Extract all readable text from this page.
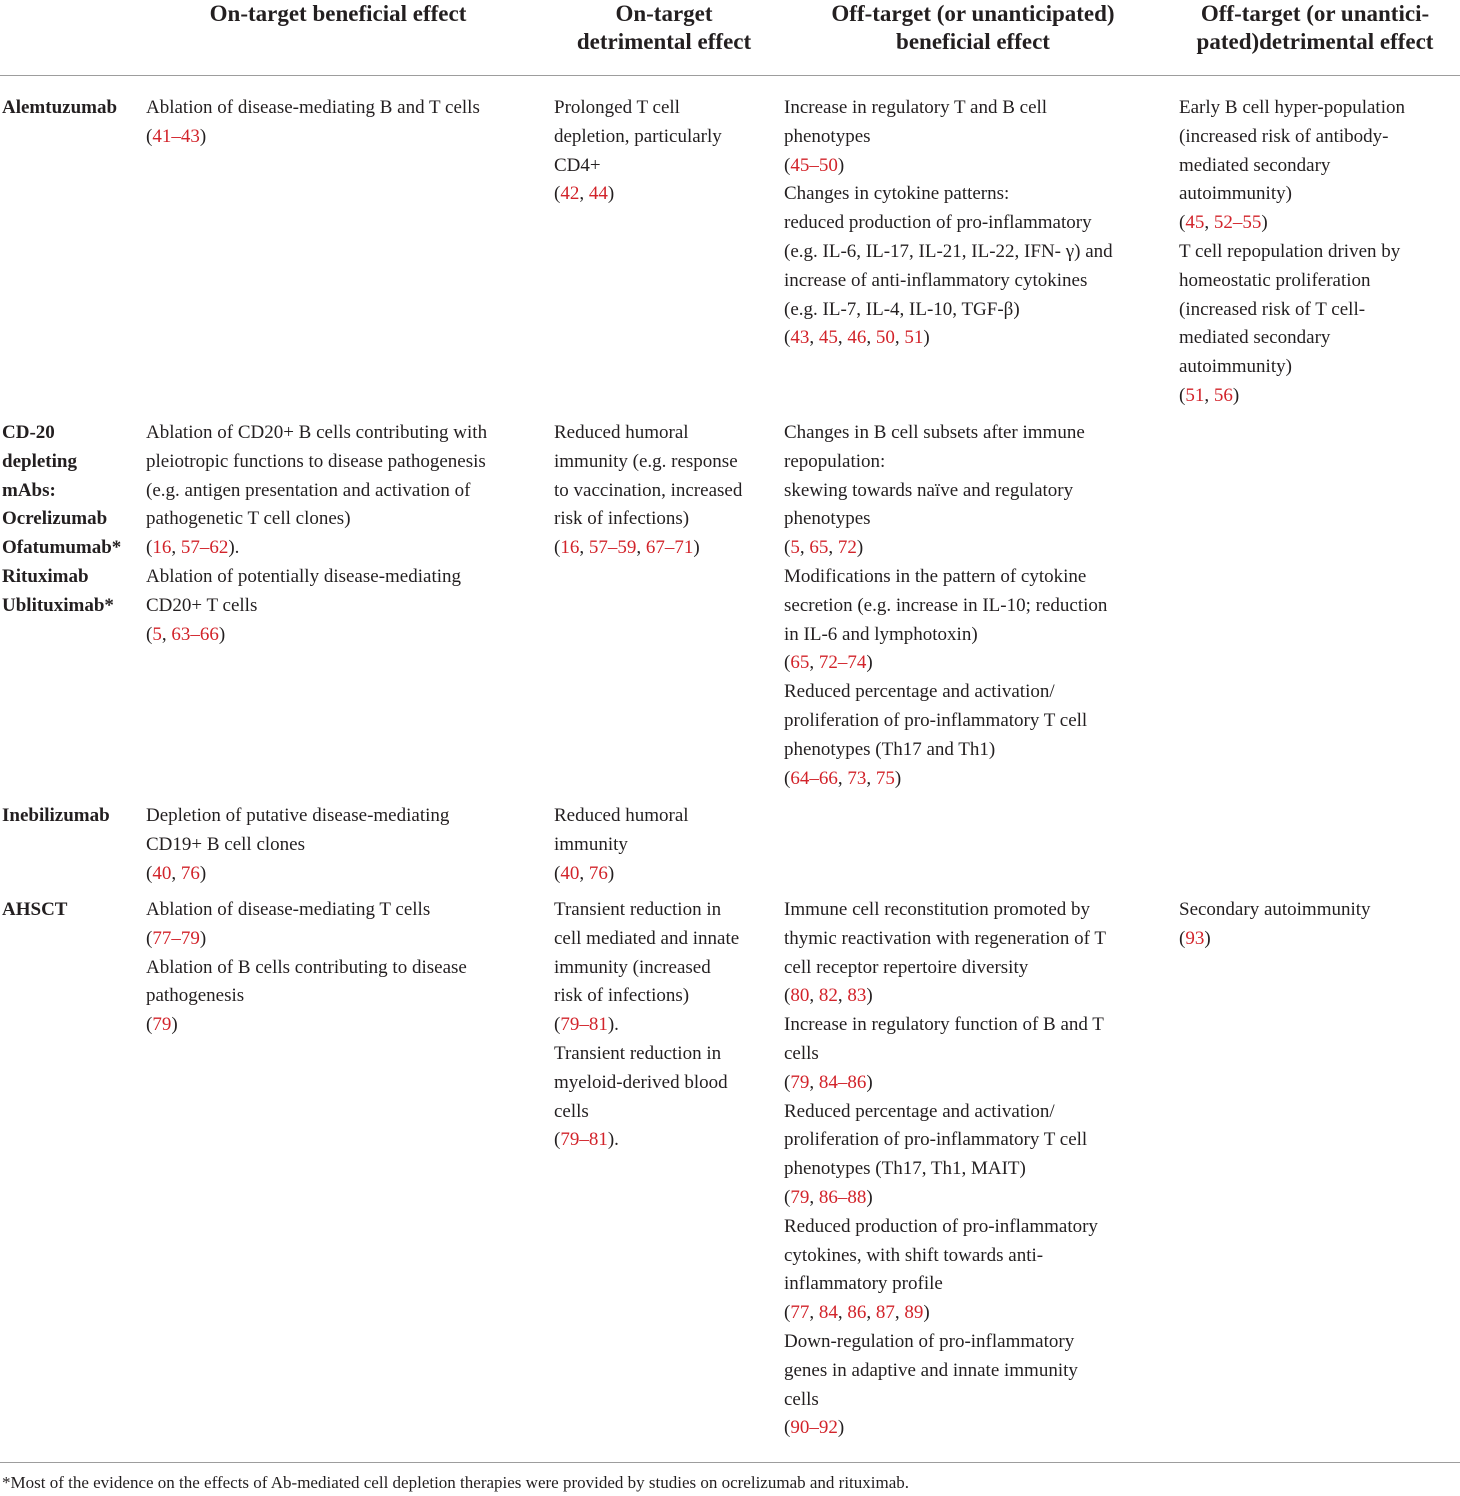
On-target beneficial effect	On-target
detrimental effect
Off-target (or unanticipated)
beneficial effect
Off-target (or unantici-
pated)detrimental effect
Alemtuzumab Ablation of disease-mediating B and T cells
(41–43)
Prolonged T cell
depletion, particularly
CD4+
(42, 44)
Increase in regulatory T and B cell
phenotypes
(45–50)
Changes in cytokine patterns:
reduced production of pro-inflammatory
(e.g. IL-6, IL-17, IL-21, IL-22, IFN- γ) and
increase of anti-inflammatory cytokines
(e.g. IL-7, IL-4, IL-10, TGF-β)
(43, 45, 46, 50, 51)
Early B cell hyper-population
(increased risk of antibody-
mediated secondary
autoimmunity)
(45, 52–55)
T cell repopulation driven by
homeostatic proliferation
(increased risk of T cell-
mediated secondary
autoimmunity)
(51, 56)
CD-20
depleting
mAbs:
Ocrelizumab
Ofatumumab*
Rituximab
Ublituximab*
Ablation of CD20+ B cells contributing with
pleiotropic functions to disease pathogenesis
(e.g. antigen presentation and activation of
pathogenetic T cell clones)
(16, 57–62).
Ablation of potentially disease-mediating
CD20+ T cells
(5, 63–66)
Reduced humoral
immunity (e.g. response
to vaccination, increased
risk of infections)
(16, 57–59, 67–71)
Changes in B cell subsets after immune
repopulation:
skewing towards naïve and regulatory
phenotypes
(5, 65, 72)
Modifications in the pattern of cytokine
secretion (e.g. increase in IL-10; reduction
in IL-6 and lymphotoxin)
(65, 72–74)
Reduced percentage and activation/
proliferation of pro-inflammatory T cell
phenotypes (Th17 and Th1)
(64–66, 73, 75)
Inebilizumab Depletion of putative disease-mediating
CD19+ B cell clones
(40, 76)
Reduced humoral
immunity
(40, 76)
AHSCT	Ablation of disease-mediating T cells
(77–79)
Ablation of B cells contributing to disease
pathogenesis
(79)
Transient reduction in
cell mediated and innate
immunity (increased
risk of infections)
(79–81).
Transient reduction in
myeloid-derived blood
cells
(79–81).
Immune cell reconstitution promoted by
thymic reactivation with regeneration of T
cell receptor repertoire diversity
(80, 82, 83)
Increase in regulatory function of B and T
cells
(79, 84–86)
Reduced percentage and activation/
proliferation of pro-inflammatory T cell
phenotypes (Th17, Th1, MAIT)
(79, 86–88)
Reduced production of pro-inflammatory
cytokines, with shift towards anti-
inflammatory profile
(77, 84, 86, 87, 89)
Down-regulation of pro-inflammatory
genes in adaptive and innate immunity
cells
(90–92)
Secondary autoimmunity
(93)
*Most of the evidence on the effects of Ab-mediated cell depletion therapies were provided by studies on ocrelizumab and rituximab.
